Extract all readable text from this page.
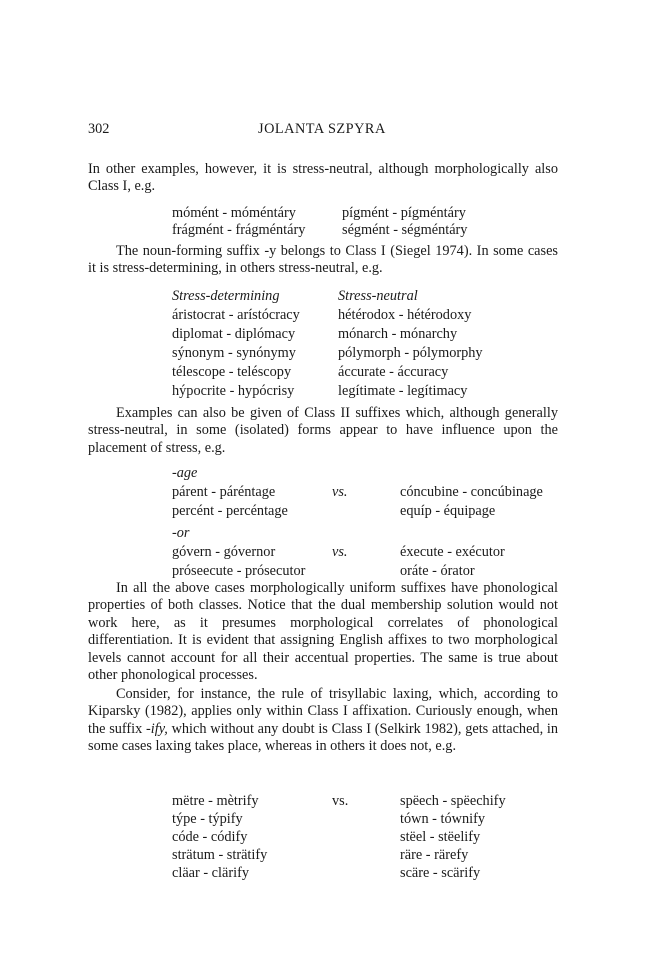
302	JOLANTA SZPYRA

In other examples, however, it is stress-neutral, although morphologically also Class I, e.g.

mómént - móméntáry	pígmént - pígméntáry
frágmént - frágméntáry	ségmént - ségméntáry

The noun-forming suffix -y belongs to Class I (Siegel 1974). In some cases it is stress-determining, in others stress-neutral, e.g.

Stress-determining	Stress-neutral
áristocrat - arístócracy	hétérodox - hétérodoxy
diplomat - diplómacy	mónarch - mónarchy
sýnonym - synónymy	pólymorph - pólymorphy
télescope - teléscopy	áccurate - áccuracy
hýpocrite - hypócrisy	legítimate - legítimacy

Examples can also be given of Class II suffixes which, although generally stress-neutral, in some (isolated) forms appear to have influence upon the placement of stress, e.g.

-age
párent - páréntage	vs.	cóncubine - concúbinage
percént - percéntage	equíp - équipage
-or
góvern - góvernor	vs.	éxecute - exécutor
próseecute - prósecutor	oráte - órator

In all the above cases morphologically uniform suffixes have phonological properties of both classes. Notice that the dual membership solution would not work here, as it presumes morphological correlates of phonological differentiation. It is evident that assigning English affixes to two morphological levels cannot account for all their accentual properties. The same is true about other phonological processes.

Consider, for instance, the rule of trisyllabic laxing, which, according to Kiparsky (1982), applies only within Class I affixation. Curiously enough, when the suffix -ify, which without any doubt is Class I (Selkirk 1982), gets attached, in some cases laxing takes place, whereas in others it does not, e.g.

mëtre - mètrify	vs.	spëech - spëechify
týpe - týpify	tówn - tównify
códe - códify	stëel - stëelify
strätum - strätify	räre - rärefy
cläar - clärify	scäre - scärify
